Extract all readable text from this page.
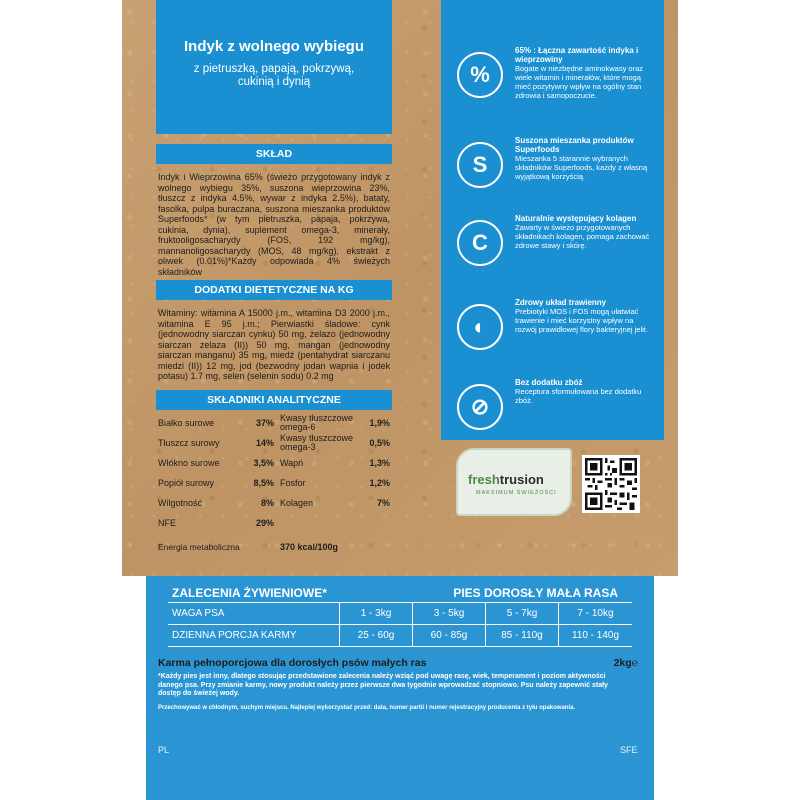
Indyk z wolnego wybiegu
z pietruszką, papają, pokrzywą, cukinią i dynią
SKŁAD
Indyk i Wieprzowina 65% (świeżo przygotowany indyk z wolnego wybiegu 35%, suszona wieprzowina 23%, tłuszcz z indyka 4.5%, wywar z indyka 2.5%), bataty, fasolka, pulpa buraczana, suszona mieszanka produktów Superfoods* (w tym pietruszka, papaja, pokrzywa, cukinia, dynia), suplement omega-3, minerały, fruktooligosacharydy (FOS, 192 mg/kg), mannanoligosacharydy (MOS, 48 mg/kg), ekstrakt z oliwek (0.01%)*Każdy odpowiada 4% świeżych składników
DODATKI DIETETYCZNE NA KG
Witaminy: witamina A 15000 j.m., witamina D3 2000 j.m., witamina E 95 j.m.; Pierwiastki śladowe: cynk (jednowodny siarczan cynku) 50 mg, żelazo (jednowodny siarczan żelaza (II)) 50 mg, mangan (jednowodny siarczan manganu) 35 mg, miedź (pentahydrat siarczanu miedzi (II)) 12 mg, jod (bezwodny jodan wapnia i jodek potasu) 1.7 mg, selen (selenin sodu) 0.2 mg
SKŁADNIKI ANALITYCZNE
Białko surowe	37% Kwasy tłuszczowe omega-6	1,9%
Tłuszcz surowy	14% Kwasy tłuszczowe omega-3	0,5%
Włókno surowe	3,5% Wapń	1,3%
Popiół surowy	8,5% Fosfor	1,2%
Wilgotność	8% Kolagen	7%
NFE	29%
Energia metaboliczna	370 kcal/100g
%
65% : Łączna zawartość indyka i wieprzowiny
Bogate w niezbędne aminokwasy oraz wiele witamin i minerałów, które mogą mieć pozytywny wpływ na ogólny stan zdrowia i samopoczucie.
S
Suszona mieszanka produktów Superfoods
Mieszanka 5 starannie wybranych składników Superfoods, każdy z własną wyjątkową korzyścią.
C
Naturalnie występujący kolagen
Zawarty w świeżo przygotowanych składnikach kolagen, pomaga zachować zdrowe stawy i skórę.
◐
Zdrowy układ trawienny
Prebiotyki MOS i FOS mogą ułatwiać trawienie i mieć korzystny wpływ na rozwój prawidłowej flory bakteryjnej jelit.
⊘
Bez dodatku zbóż
Receptura sformułowana bez dodatku zbóż.
freshtrusion
MAKSIMUM ŚWIEŻOŚCI
ZALECENIA ŻYWIENIOWE*	PIES DOROSŁY MAŁA RASA
WAGA PSA	1 - 3kg	3 - 5kg	5 - 7kg	7 - 10kg
DZIENNA PORCJA KARMY	25 - 60g	60 - 85g	85 - 110g	110 - 140g
Karma pełnoporcjowa dla dorosłych psów małych ras	2kg℮
*Każdy pies jest inny, dlatego stosując przedstawione zalecenia należy wziąć pod uwagę rasę, wiek, temperament i poziom aktywności danego psa. Przy zmianie karmy, nowy produkt należy przez pierwsze dwa tygodnie wprowadzać stopniowo. Psu należy zapewnić stały dostęp do świeżej wody.
Przechowywać w chłodnym, suchym miejscu. Najlepiej wykorzystać przed: data, numer partii i numer rejestracyjny producenta z tyłu opakowania.
PL	SFE
